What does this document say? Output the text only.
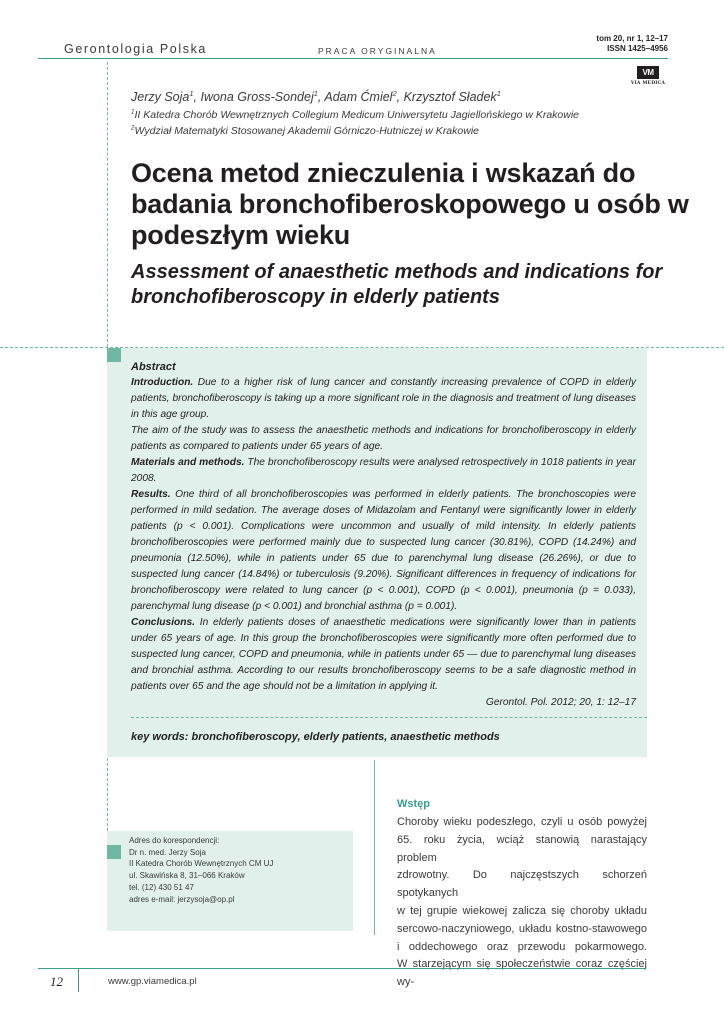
Gerontologia Polska	PRACA ORYGINALNA
tom 20, nr 1, 12–17
ISSN 1425–4956
VM
VIA MEDICA
Jerzy Soja$^1$, Iwona Gross-Sondej$^1$, Adam Ćmiel$^2$, Krzysztof Sładek$^1$
$^1$II Katedra Chorób Wewnętrznych Collegium Medicum Uniwersytetu Jagiellońskiego w Krakowie
$^2$Wydział Matematyki Stosowanej Akademii Górniczo-Hutniczej w Krakowie
Ocena metod znieczulenia i wskazań do badania bronchofiberoskopowego u osób w podeszłym wieku
Assessment of anaesthetic methods and indications for bronchofiberoscopy in elderly patients

Abstract

Introduction. Due to a higher risk of lung cancer and constantly increasing prevalence of COPD in elderly patients, bronchofiberoscopy is taking up a more significant role in the diagnosis and treatment of lung diseases in this age group.

The aim of the study was to assess the anaesthetic methods and indications for bronchofiberoscopy in elderly patients as compared to patients under 65 years of age.

Materials and methods. The bronchofiberoscopy results were analysed retrospectively in 1018 patients in year 2008.

Results. One third of all bronchofiberoscopies was performed in elderly patients. The bronchoscopies were performed in mild sedation. The average doses of Midazolam and Fentanyl were significantly lower in elderly patients (p < 0.001). Complications were uncommon and usually of mild intensity. In elderly patients bronchofiberoscopies were performed mainly due to suspected lung cancer (30.81%), COPD (14.24%) and pneumonia (12.50%), while in patients under 65 due to parenchymal lung disease (26.26%), or due to suspected lung cancer (14.84%) or tuberculosis (9.20%). Significant differences in frequency of indications for bronchofiberoscopy were related to lung cancer (p < 0.001), COPD (p < 0.001), pneumonia (p = 0.033), parenchymal lung disease (p < 0.001) and bronchial asthma (p = 0.001).

Conclusions. In elderly patients doses of anaesthetic medications were significantly lower than in patients under 65 years of age. In this group the bronchofiberoscopies were significantly more often performed due to suspected lung cancer, COPD and pneumonia, while in patients under 65 — due to parenchymal lung diseases and bronchial asthma. According to our results bronchofiberoscopy seems to be a safe diagnostic method in patients over 65 and the age should not be a limitation in applying it.

Gerontol. Pol. 2012; 20, 1: 12–17

key words: bronchofiberoscopy, elderly patients, anaesthetic methods
Adres do korespondencji:
Dr n. med. Jerzy Soja
II Katedra Chorób Wewnętrznych CM UJ
ul. Skawińska 8, 31–066 Kraków
tel. (12) 430 51 47
adres e-mail: jerzysoja@op.pl
Wstęp
Choroby wieku podeszłego, czyli u osób powyżej
65. roku życia, wciąż stanowią narastający problem
zdrowotny. Do najczęstszych schorzeń spotykanych
w tej grupie wiekowej zalicza się choroby układu
sercowo-naczyniowego, układu kostno-stawowego
i oddechowego oraz przewodu pokarmowego.
W starzejącym się społeczeństwie coraz częściej wy-
12	www.gp.viamedica.pl
